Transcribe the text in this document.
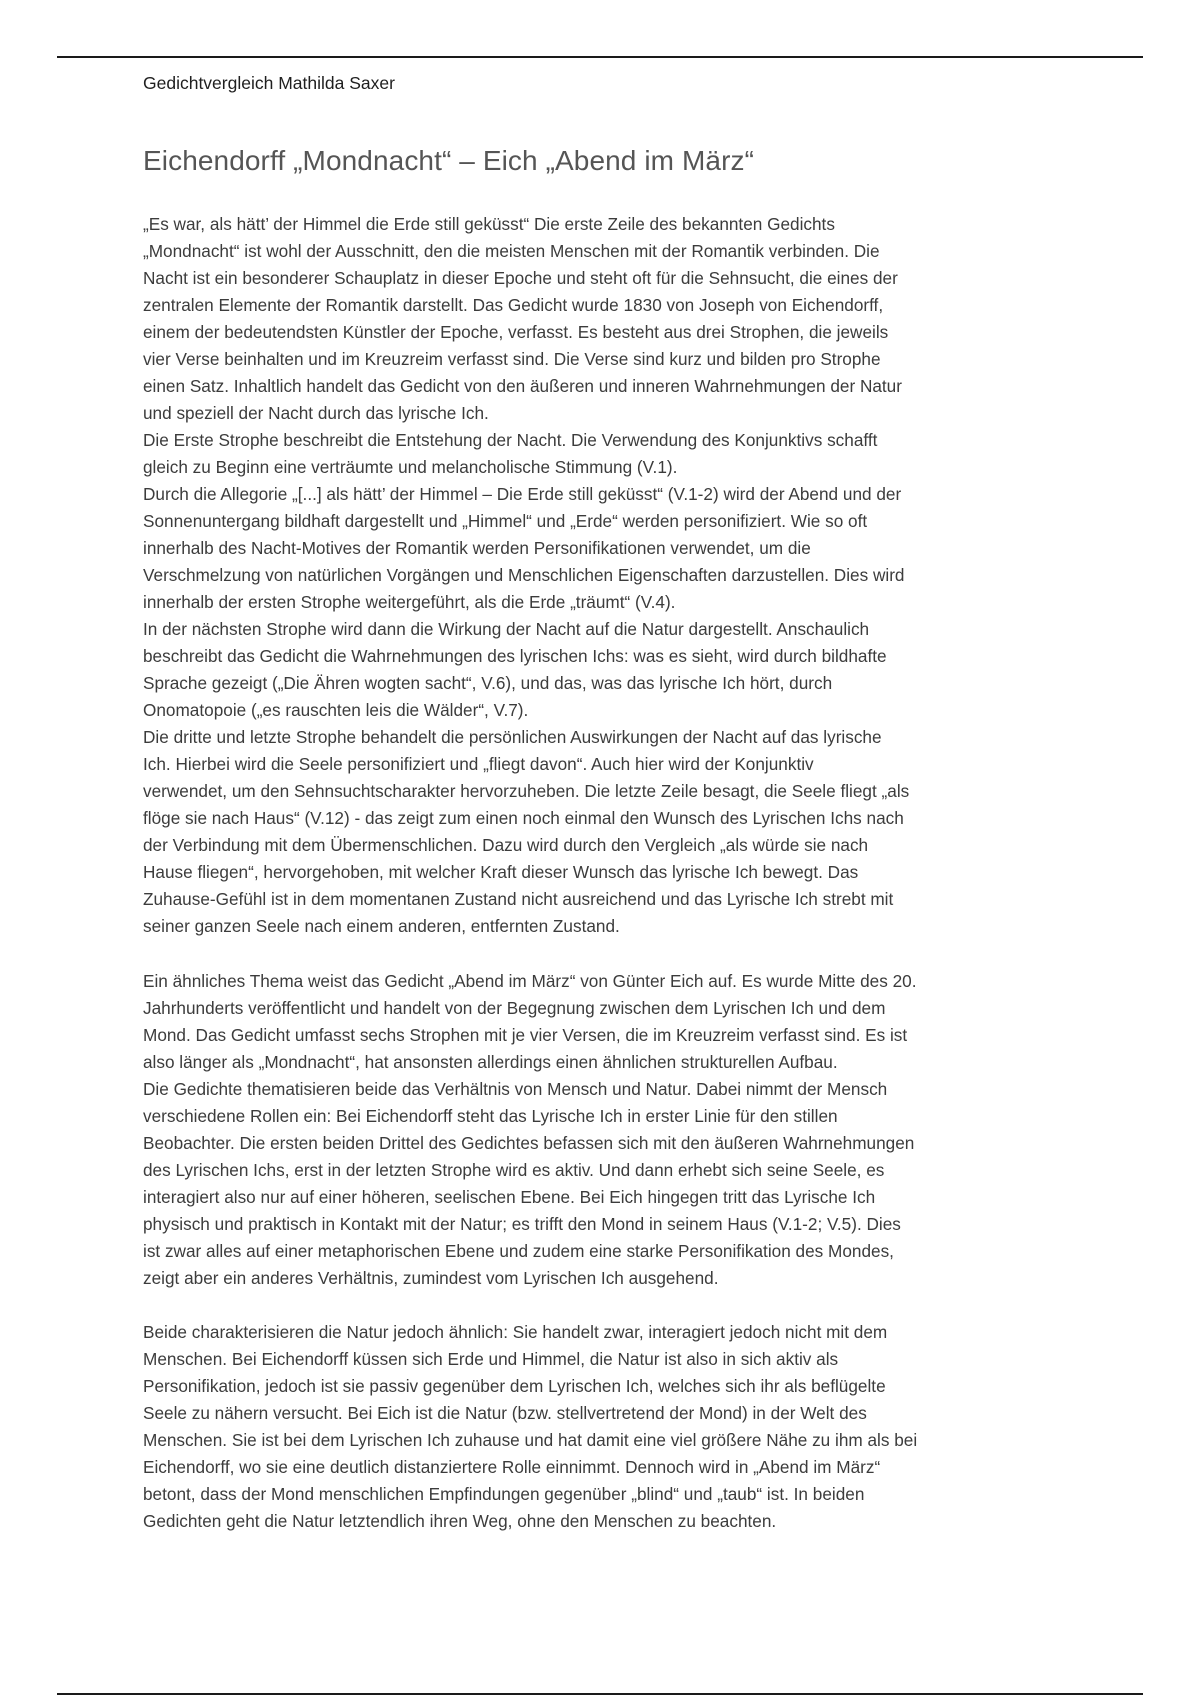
Gedichtvergleich Mathilda Saxer
Eichendorff „Mondnacht“ – Eich „Abend im März“
„Es war, als hätt’ der Himmel die Erde still geküsst“ Die erste Zeile des bekannten Gedichts
„Mondnacht“ ist wohl der Ausschnitt, den die meisten Menschen mit der Romantik verbinden. Die
Nacht ist ein besonderer Schauplatz in dieser Epoche und steht oft für die Sehnsucht, die eines der
zentralen Elemente der Romantik darstellt. Das Gedicht wurde 1830 von Joseph von Eichendorff,
einem der bedeutendsten Künstler der Epoche, verfasst. Es besteht aus drei Strophen, die jeweils
vier Verse beinhalten und im Kreuzreim verfasst sind. Die Verse sind kurz und bilden pro Strophe
einen Satz. Inhaltlich handelt das Gedicht von den äußeren und inneren Wahrnehmungen der Natur
und speziell der Nacht durch das lyrische Ich.
Die Erste Strophe beschreibt die Entstehung der Nacht. Die Verwendung des Konjunktivs schafft
gleich zu Beginn eine verträumte und melancholische Stimmung (V.1).
Durch die Allegorie „[...] als hätt’ der Himmel – Die Erde still geküsst“ (V.1-2) wird der Abend und der
Sonnenuntergang bildhaft dargestellt und „Himmel“ und „Erde“ werden personifiziert. Wie so oft
innerhalb des Nacht-Motives der Romantik werden Personifikationen verwendet, um die
Verschmelzung von natürlichen Vorgängen und Menschlichen Eigenschaften darzustellen. Dies wird
innerhalb der ersten Strophe weitergeführt, als die Erde „träumt“ (V.4).
In der nächsten Strophe wird dann die Wirkung der Nacht auf die Natur dargestellt. Anschaulich
beschreibt das Gedicht die Wahrnehmungen des lyrischen Ichs: was es sieht, wird durch bildhafte
Sprache gezeigt („Die Ähren wogten sacht“, V.6), und das, was das lyrische Ich hört, durch
Onomatopoie („es rauschten leis die Wälder“, V.7).
Die dritte und letzte Strophe behandelt die persönlichen Auswirkungen der Nacht auf das lyrische
Ich. Hierbei wird die Seele personifiziert und „fliegt davon“. Auch hier wird der Konjunktiv
verwendet, um den Sehnsuchtscharakter hervorzuheben. Die letzte Zeile besagt, die Seele fliegt „als
flöge sie nach Haus“ (V.12) - das zeigt zum einen noch einmal den Wunsch des Lyrischen Ichs nach
der Verbindung mit dem Übermenschlichen. Dazu wird durch den Vergleich „als würde sie nach
Hause fliegen“, hervorgehoben, mit welcher Kraft dieser Wunsch das lyrische Ich bewegt. Das
Zuhause-Gefühl ist in dem momentanen Zustand nicht ausreichend und das Lyrische Ich strebt mit
seiner ganzen Seele nach einem anderen, entfernten Zustand.
Ein ähnliches Thema weist das Gedicht „Abend im März“ von Günter Eich auf. Es wurde Mitte des 20.
Jahrhunderts veröffentlicht und handelt von der Begegnung zwischen dem Lyrischen Ich und dem
Mond. Das Gedicht umfasst sechs Strophen mit je vier Versen, die im Kreuzreim verfasst sind. Es ist
also länger als „Mondnacht“, hat ansonsten allerdings einen ähnlichen strukturellen Aufbau.
Die Gedichte thematisieren beide das Verhältnis von Mensch und Natur. Dabei nimmt der Mensch
verschiedene Rollen ein: Bei Eichendorff steht das Lyrische Ich in erster Linie für den stillen
Beobachter. Die ersten beiden Drittel des Gedichtes befassen sich mit den äußeren Wahrnehmungen
des Lyrischen Ichs, erst in der letzten Strophe wird es aktiv. Und dann erhebt sich seine Seele, es
interagiert also nur auf einer höheren, seelischen Ebene. Bei Eich hingegen tritt das Lyrische Ich
physisch und praktisch in Kontakt mit der Natur; es trifft den Mond in seinem Haus (V.1-2; V.5). Dies
ist zwar alles auf einer metaphorischen Ebene und zudem eine starke Personifikation des Mondes,
zeigt aber ein anderes Verhältnis, zumindest vom Lyrischen Ich ausgehend.
Beide charakterisieren die Natur jedoch ähnlich: Sie handelt zwar, interagiert jedoch nicht mit dem
Menschen. Bei Eichendorff küssen sich Erde und Himmel, die Natur ist also in sich aktiv als
Personifikation, jedoch ist sie passiv gegenüber dem Lyrischen Ich, welches sich ihr als beflügelte
Seele zu nähern versucht. Bei Eich ist die Natur (bzw. stellvertretend der Mond) in der Welt des
Menschen. Sie ist bei dem Lyrischen Ich zuhause und hat damit eine viel größere Nähe zu ihm als bei
Eichendorff, wo sie eine deutlich distanziertere Rolle einnimmt. Dennoch wird in „Abend im März“
betont, dass der Mond menschlichen Empfindungen gegenüber „blind“ und „taub“ ist. In beiden
Gedichten geht die Natur letztendlich ihren Weg, ohne den Menschen zu beachten.
